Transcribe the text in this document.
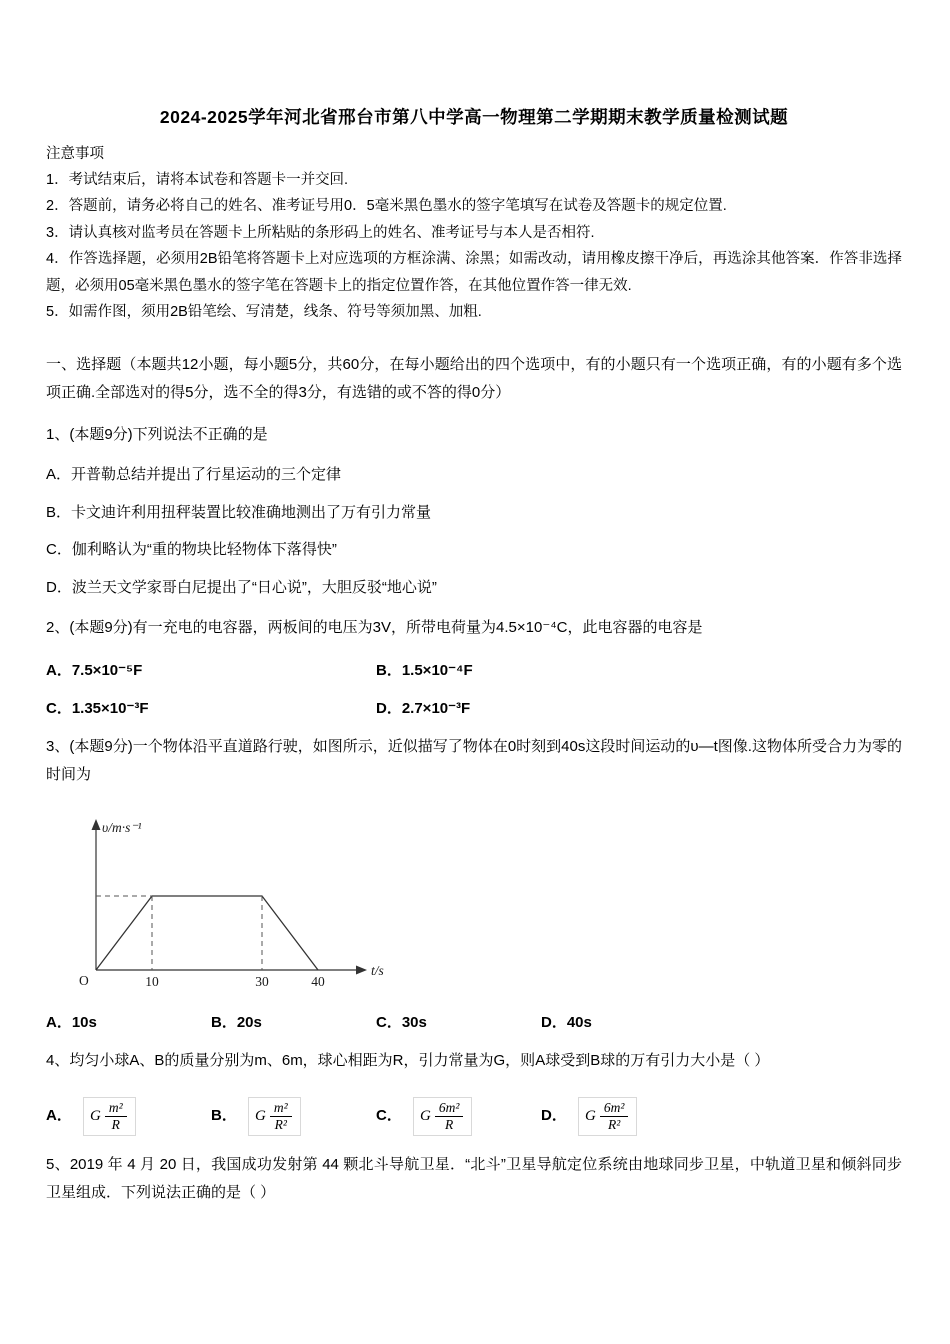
2024-2025学年河北省邢台市第八中学高一物理第二学期期末教学质量检测试题
注意事项
1．考试结束后，请将本试卷和答题卡一并交回.
2．答题前，请务必将自己的姓名、准考证号用0．5毫米黑色墨水的签字笔填写在试卷及答题卡的规定位置.
3．请认真核对监考员在答题卡上所粘贴的条形码上的姓名、准考证号与本人是否相符.
4．作答选择题，必须用2B铅笔将答题卡上对应选项的方框涂满、涂黑；如需改动，请用橡皮擦干净后，再选涂其他答案．作答非选择题，必须用05毫米黑色墨水的签字笔在答题卡上的指定位置作答，在其他位置作答一律无效.
5．如需作图，须用2B铅笔绘、写清楚，线条、符号等须加黑、加粗.

一、选择题（本题共12小题，每小题5分，共60分，在每小题给出的四个选项中，有的小题只有一个选项正确，有的小题有多个选项正确.全部选对的得5分，选不全的得3分，有选错的或不答的得0分）

1、(本题9分)下列说法不正确的是

A．开普勒总结并提出了行星运动的三个定律

B．卡文迪许利用扭秤装置比较准确地测出了万有引力常量

C．伽利略认为“重的物块比轻物体下落得快”

D．波兰天文学家哥白尼提出了“日心说”，大胆反驳“地心说”

2、(本题9分)有一充电的电容器，两板间的电压为3V，所带电荷量为4.5×10⁻⁴C，此电容器的电容是

A．7.5×10⁻⁵F	B．1.5×10⁻⁴F
C．1.35×10⁻³F	D．2.7×10⁻³F

3、(本题9分)一个物体沿平直道路行驶，如图所示，近似描写了物体在0时刻到40s这段时间运动的υ—t图像.这物体所受合力为零的时间为

υ/m·s⁻¹
O	10	30	40
t/s
A．10s	B．20s	C．30s	D．40s

4、均匀小球A、B的质量分别为m、6m，球心相距为R，引力常量为G，则A球受到B球的万有引力大小是（ ）

A． G $\frac{\text{m²}}{R}$	B． G $\frac{\text{m²}}{\text{R²}}$	C． G $\frac{\text{6m²}}{R}$	D． G $\frac{\text{6m²}}{\text{R²}}$

5、2019 年 4 月 20 日，我国成功发射第 44 颗北斗导航卫星．“北斗”卫星导航定位系统由地球同步卫星，中轨道卫星和倾斜同步卫星组成．下列说法正确的是（ ）
